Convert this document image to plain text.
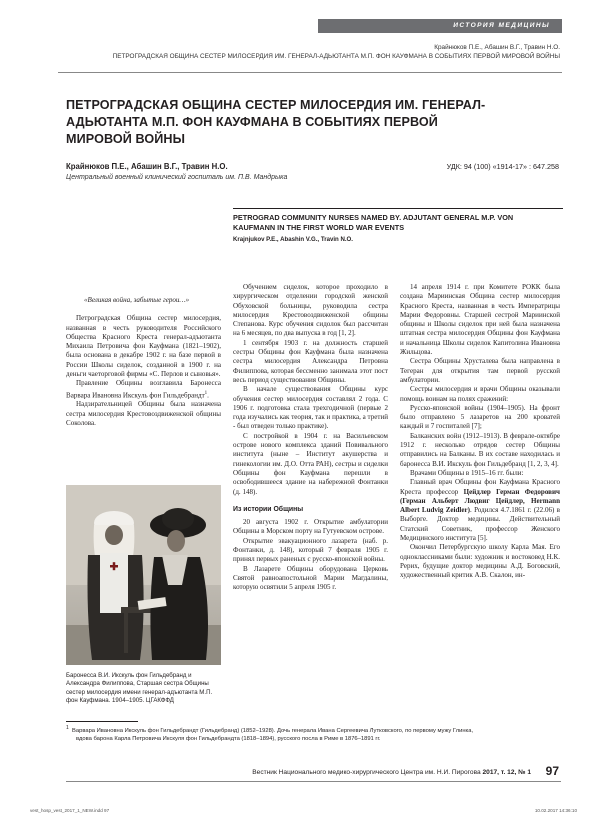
ИСТОРИЯ МЕДИЦИНЫ
Крайнюков П.Е., Абашин В.Г., Травин Н.О.
ПЕТРОГРАДСКАЯ ОБЩИНА СЕСТЕР МИЛОСЕРДИЯ ИМ. ГЕНЕРАЛ-АДЬЮТАНТА М.П. ФОН КАУФМАНА В СОБЫТИЯХ ПЕРВОЙ МИРОВОЙ ВОЙНЫ
ПЕТРОГРАДСКАЯ ОБЩИНА СЕСТЕР МИЛОСЕРДИЯ ИМ. ГЕНЕРАЛ-АДЬЮТАНТА М.П. ФОН КАУФМАНА В СОБЫТИЯХ ПЕРВОЙ МИРОВОЙ ВОЙНЫ
Крайнюков П.Е., Абашин В.Г., Травин Н.О.	УДК: 94 (100) «1914-17» : 647.258
Центральный военный клинический госпиталь им. П.В. Мандрыка
PETROGRAD COMMUNITY NURSES NAMED BY. ADJUTANT GENERAL M.P. VON KAUFMANN IN THE FIRST WORLD WAR EVENTS
Krajnjukov P.E., Abashin V.G., Travin N.O.

«Великая война, забытые герои…»

Петроградская Община сестер милосердия, названная в честь руководителя Российского Общества Красного Креста генерал-адъютанта Михаила Петровича фон Кауфмана (1821–1902), была основана в декабре 1902 г. на базе первой в России Школы сиделок, созданной в 1900 г. на деньги чаеторговой фирмы «С. Перлов и сыновья».

Правление Общины возглавила Баронесса Варвара Ивановна Икскуль фон Гильдебрандт$^1$.

Надзирательницей Общины была назначена сестра милосердия Крестовоздвиженской общины Соколова.

Баронесса В.И. Икскуль фон Гильдебранд и Александра Филиппова, Старшая сестра Общины сестер милосердия имени генерал-адъютанта М.П. фон Кауфмана. 1904–1905. ЦГАКФФД

Обучением сиделок, которое проходило в хирургическом отделении городской женской Обуховской больницы, руководила сестра милосердия Крестовоздвиженской общины Степанова. Курс обучения сидолок был рассчитан на 6 месяцев, по два выпуска в год [1, 2].

1 сентября 1903 г. на должность старшей сестры Общины фон Кауфмана была назначена сестра милосердия Александра Петровна Филиппова, которая бессменно занимала этот пост весь период существования Общины.

В начале существования Общины курс обучения сестер милосердия составлял 2 года. С 1906 г. подготовка стала трехгодичной (первые 2 года изучались как теория, так и практика, а третий - был отведен только практике).

С постройкой в 1904 г. на Васильевском острове нового комплекса зданий Повивального института (ныне – Институт акушерства и гинекологии им. Д.О. Отта РАН), сестры и сиделки Общины фон Кауфмана перешли в освободившееся здание на набережной Фонтанки (д. 148).

Из истории Общины

20 августа 1902 г. Открытие амбулатории Общины в Морском порту на Гутуевском острове.

Открытие эвакуационного лазарета (наб. р. Фонтанки, д. 148), который 7 февраля 1905 г. принял первых раненых с русско-японской войны.

В Лазарете Общины оборудована Церковь Святой равноапостольной Марии Магдалины, которую освятили 5 апреля 1905 г.

14 апреля 1914 г. при Комитете РОКК была создана Мариинская Община сестер милосердия Красного Креста, названная в честь Императрицы Марии Федоровны. Старшей сестрой Мариинской общины и Школы сиделок при ней была назначена штатная сестра милосердия Общины фон Кауфмана и начальница Школы сиделок Капитолина Ивановна Жильцова.

Сестра Общины Хрусталева была направлена в Тегеран для открытия там первой русской амбулатории.

Сестры милосердия и врачи Общины оказывали помощь воинам на полях сражений:

Русско-японской войны (1904–1905). На фронт было отправлено 5 лазаретов на 200 кроватей каждый и 7 госпиталей [7];

Балканских войн (1912–1913). В феврале-октябре 1912 г. несколько отрядов сестер Общины отправились на Балканы. В их составе находилась и баронесса В.И. Икскуль фон Гильдебранд [1, 2, 3, 4].

Врачами Общины в 1915–16 гг. были:

Главный врач Общины фон Кауфмана Красного Креста профессор Цейдлер Герман Федорович (Герман Альберт Людвиг Цейдлер, Hermann Albert Ludvig Zeidler). Родился 4.7.1861 г. (22.06) в Выборге. Доктор медицины. Действительный Статский Советник, профессор Женского Медицинского института [5].

Окончил Петербургскую школу Карла Мая. Его одноклассниками были: художник и востоковед Н.К. Рерих, будущие доктор медицины А.Д. Боговский, художественный критик А.В. Скалон, ин-

$^1$ Варвара Ивановна Икскуль фон Гильдебрандт (Гильдебранд) (1852–1928). Дочь генерала Ивана Сергеевича Лутковского, по первому мужу Глинка,
вдова барона Карла Петровича Икскуля фон Гильдебрандта (1818–1894), русского посла в Риме в 1876–1891 гг.
Вестник Национального медико-хирургического Центра им. Н.И. Пирогова 2017, т. 12, № 1 97
vest_hosp_vest_2017_1_NEW.indd 97	10.02.2017 14:36:10
